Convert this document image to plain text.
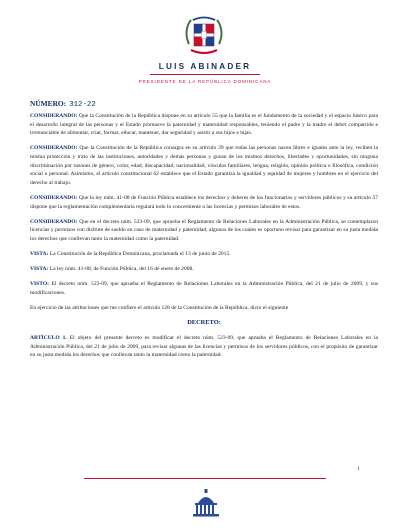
LUIS ABINADER
PRESIDENTE DE LA REPÚBLICA DOMINICANA
NÚMERO: 312-22

CONSIDERANDO: Que la Constitución de la República dispone en su artículo 55 que la familia es el fundamento de la sociedad y el espacio básico para el desarrollo integral de las personas y el Estado promueve la paternidad y maternidad responsables, teniendo el padre y la madre el deber compartido e irrenunciable de alimentar, criar, formar, educar, mantener, dar seguridad y asistir a sus hijos e hijas.

CONSIDERANDO: Que la Constitución de la República consagra en su artículo 39 que todas las personas nacen libres e iguales ante la ley, reciben la misma protección y trato de las instituciones, autoridades y demás personas y gozan de los mismos derechos, libertades y oportunidades, sin ninguna discriminación por razones de género, color, edad, discapacidad, nacionalidad, vínculos familiares, lengua, religión, opinión política o filosófica, condición social o personal. Asimismo, el artículo constitucional 62 establece que el Estado garantiza la igualdad y equidad de mujeres y hombres en el ejercicio del derecho al trabajo.

CONSIDERANDO: Que la ley núm. 41-08 de Función Pública establece los derechos y deberes de los funcionarios y servidores públicos y su artículo 57 dispone que la reglamentación complementaria regulará todo lo concerniente a las licencias y permisos laborales de estos.

CONSIDERANDO: Que en el decreto núm. 523-09, que aprueba el Reglamento de Relaciones Laborales en la Administración Pública, se contemplaron licencias y permisos con disfrute de sueldo en caso de maternidad y paternidad, algunos de los cuales es oportuno revisar para garantizar en su justa medida los derechos que conllevan tanto la maternidad como la paternidad.

VISTA: La Constitución de la República Dominicana, proclamada el 13 de junio de 2015.

VISTA: La ley núm. 41-08, de Función Pública, del 16 de enero de 2008.

VISTO: El decreto núm. 523-09, que aprueba el Reglamento de Relaciones Laborales en la Administración Pública, del 21 de julio de 2009, y sus modificaciones.

En ejercicio de las atribuciones que me confiere el artículo 128 de la Constitución de la República, dicto el siguiente

DECRETO:

ARTÍCULO 1. El objeto del presente decreto es modificar el decreto núm. 523-09, que aprueba el Reglamento de Relaciones Laborales en la Administración Pública, del 21 de julio de 2009, para revisar algunas de las licencias y permisos de los servidores públicos, con el propósito de garantizar en su justa medida los derechos que conllevan tanto la maternidad como la paternidad.

1
